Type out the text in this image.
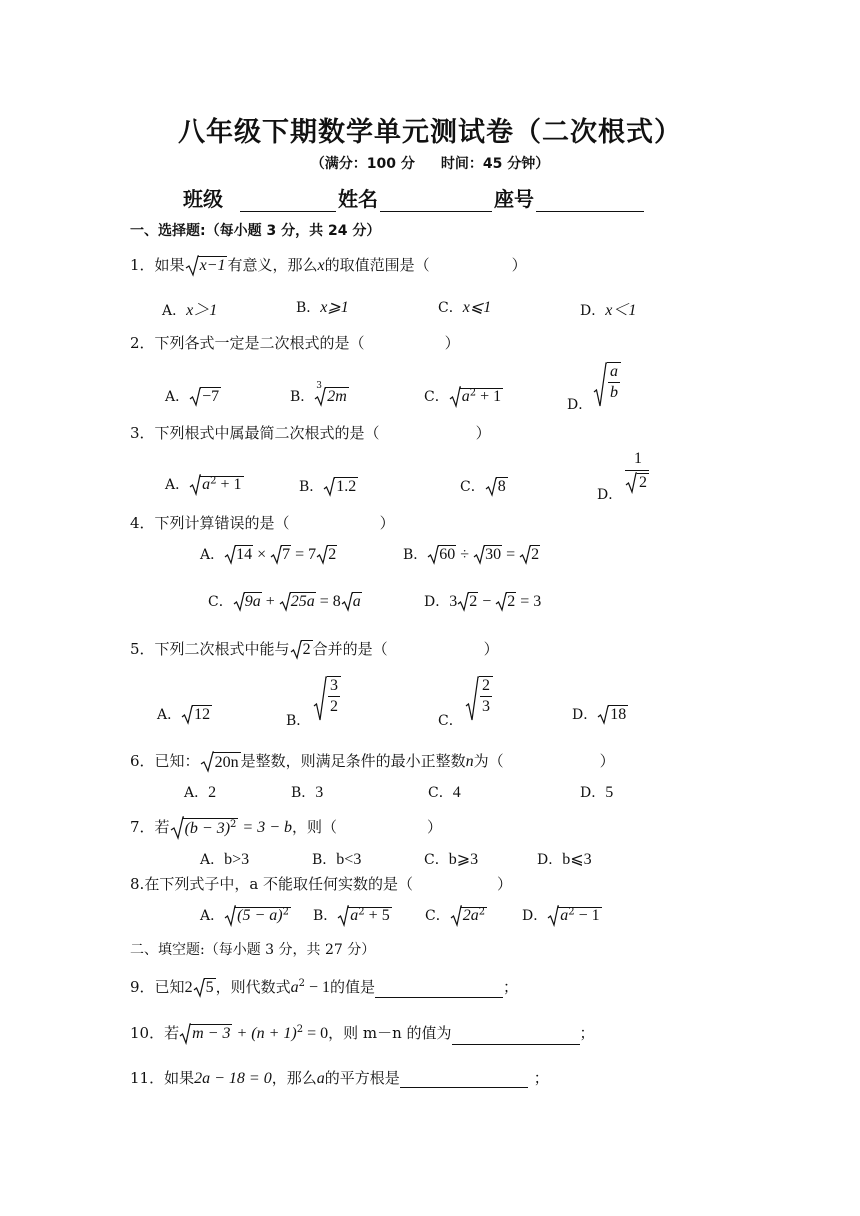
八年级下期数学单元测试卷（二次根式）
（满分：100 分 时间：45 分钟）
班级	姓名	座号
一、选择题:（每小题 3 分，共 24 分）
1．如果 x−1 有意义，那么x的取值范围是（	）
A．x＞1	B．x⩾1	C．x⩽1	D．x＜1
2．下列各式一定是二次根式的是（	）
A． −7	B．
3
2m	C． $a^2 + 1$	D．
a
b
3．下列根式中属最简二次根式的是（	）
A． $a^2 + 1$	B． 1.2	C． 8	D．
1
2
4．下列计算错误的是（	）
A． 14 ×
7 = 7 2	B． 60 ÷
30 =
2
C． 9a +
25a = 8 a	D．3 2 −
2 = 3
5．下列二次根式中能与 2 合并的是（	）
A． 12	B．
3
2
C．
2
3	D． 18
6．已知： 20n 是整数，则满足条件的最小正整数n为（	）
A．2	B．3	C．4	D．5
7．若 $(b - 3)^2 = 3 - b$，则（	）
A．b>3	B．b<3	C．b⩾3	D．b⩽3
8.在下列式子中，a 不能取任何实数的是（	）
A． $(5 - a)^2$ B． $a^2 + 5$	C． $2a^2$	D． $a^2 - 1$
二、填空题:（每小题 3 分，共 27 分）
9．已知2 5 ，则代数式$a^2 - 1$的值是	；
10．若 $m - 3 + (n + 1)^2 = 0$，则 m－n 的值为	；
11．如果2a − 18 = 0，那么a的平方根是	；
